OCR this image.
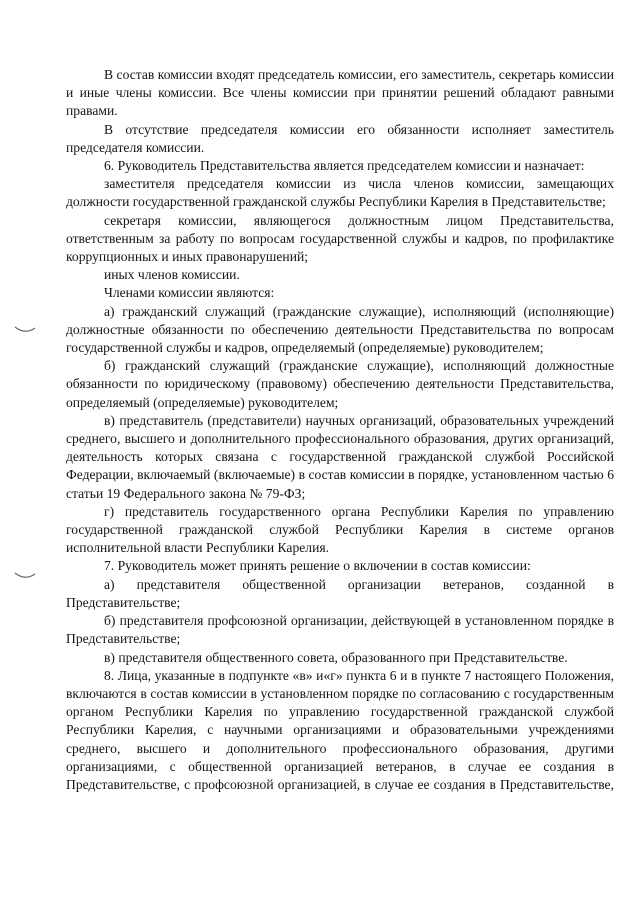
В состав комиссии входят председатель комиссии, его заместитель, секретарь комиссии и иные члены комиссии. Все члены комиссии при принятии решений обладают равными правами.

В отсутствие председателя комиссии его обязанности исполняет заместитель председателя комиссии.

6. Руководитель Представительства является председателем комиссии и назначает:

заместителя председателя комиссии из числа членов комиссии, замещающих должности государственной гражданской службы Республики Карелия в Представительстве;

секретаря комиссии, являющегося должностным лицом Представительства, ответственным за работу по вопросам государственной службы и кадров, по профилактике коррупционных и иных правонарушений;

иных членов комиссии.

Членами комиссии являются:

а) гражданский служащий (гражданские служащие), исполняющий (исполняющие) должностные обязанности по обеспечению деятельности Представительства по вопросам государственной службы и кадров, определяемый (определяемые) руководителем;

б) гражданский служащий (гражданские служащие), исполняющий должностные обязанности по юридическому (правовому) обеспечению деятельности Представительства, определяемый (определяемые) руководителем;

в) представитель (представители) научных организаций, образовательных учреждений среднего, высшего и дополнительного профессионального образования, других организаций, деятельность которых связана с государственной гражданской службой Российской Федерации, включаемый (включаемые) в состав комиссии в порядке, установленном частью 6 статьи 19 Федерального закона № 79-ФЗ;

г) представитель государственного органа Республики Карелия по управлению государственной гражданской службой Республики Карелия в системе органов исполнительной власти Республики Карелия.

7. Руководитель может принять решение о включении в состав комиссии:

а) представителя общественной организации ветеранов, созданной в Представительстве;

б) представителя профсоюзной организации, действующей в установленном порядке в Представительстве;

в) представителя общественного совета, образованного при Представительстве.

8. Лица, указанные в подпункте «в» и«г» пункта 6 и в пункте 7 настоящего Положения, включаются в состав комиссии в установленном порядке по согласованию с государственным органом Республики Карелия по управлению государственной гражданской службой Республики Карелия, с научными организациями и образовательными учреждениями среднего, высшего и дополнительного профессионального образования, другими организациями, с общественной организацией ветеранов, в случае ее создания в Представительстве, с профсоюзной организацией, в случае ее создания в Представительстве,
